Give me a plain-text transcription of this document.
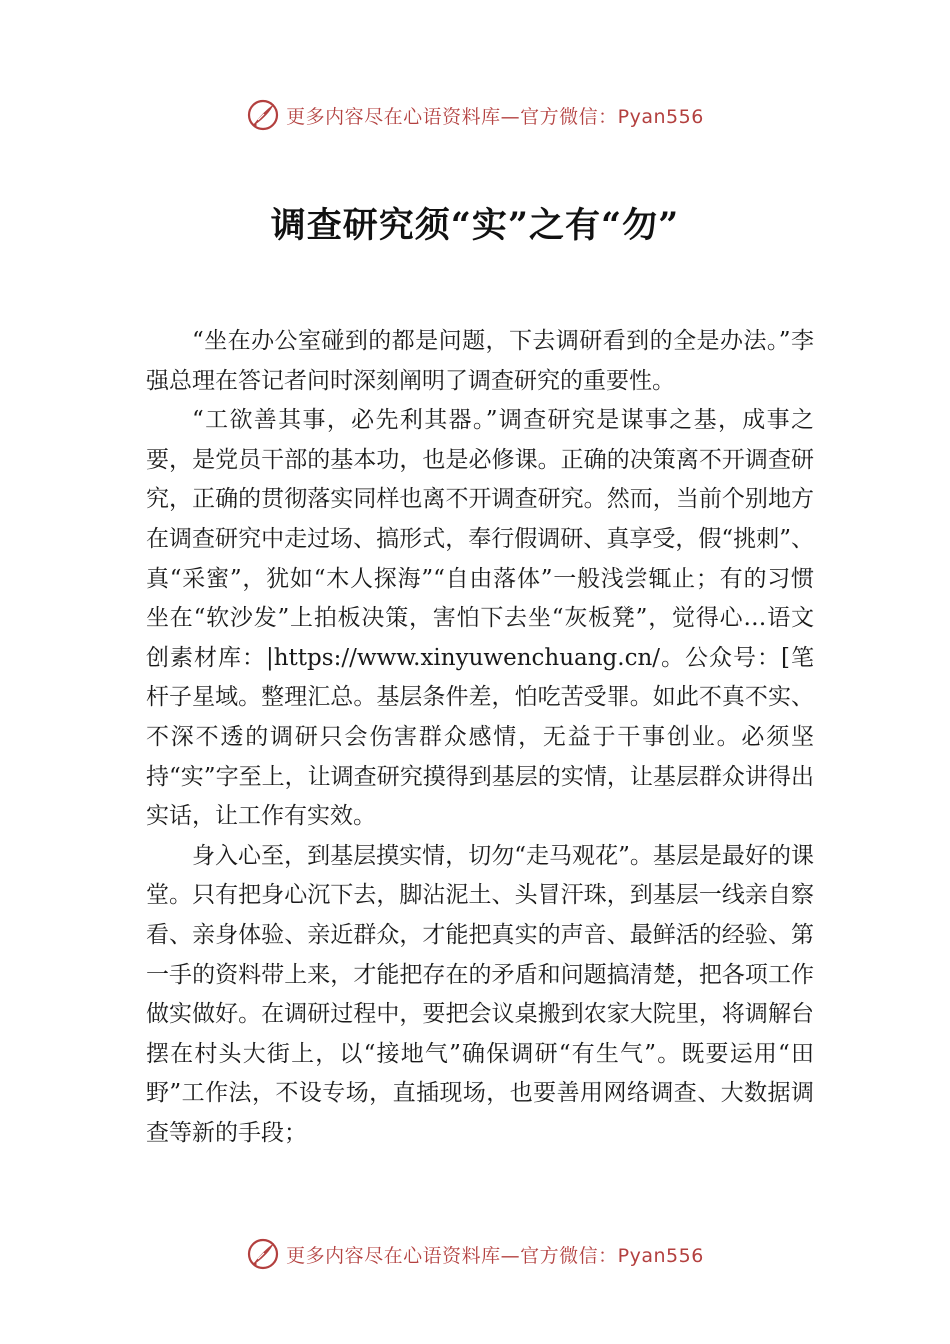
更多内容尽在心语资料库—官方微信：Pyan556
调查研究须“实”之有“勿”

“坐在办公室碰到的都是问题，下去调研看到的全是办法。”李强总理在答记者问时深刻阐明了调查研究的重要性。

“工欲善其事，必先利其器。”调查研究是谋事之基，成事之要，是党员干部的基本功，也是必修课。正确的决策离不开调查研究，正确的贯彻落实同样也离不开调查研究。然而，当前个别地方在调查研究中走过场、搞形式，奉行假调研、真享受，假“挑刺”、真“采蜜”，犹如“木人探海”“自由落体”一般浅尝辄止；有的习惯坐在“软沙发”上拍板决策，害怕下去坐“灰板凳”，觉得心…语文创素材库：|https://www.xinyuwenchuang.cn/。公众号：[笔杆子星域。整理汇总。基层条件差，怕吃苦受罪。如此不真不实、不深不透的调研只会伤害群众感情，无益于干事创业。必须坚持“实”字至上，让调查研究摸得到基层的实情，让基层群众讲得出实话，让工作有实效。

身入心至，到基层摸实情，切勿“走马观花”。基层是最好的课堂。只有把身心沉下去，脚沾泥土、头冒汗珠，到基层一线亲自察看、亲身体验、亲近群众，才能把真实的声音、最鲜活的经验、第一手的资料带上来，才能把存在的矛盾和问题搞清楚，把各项工作做实做好。在调研过程中，要把会议桌搬到农家大院里，将调解台摆在村头大街上，以“接地气”确保调研“有生气”。既要运用“田野”工作法，不设专场，直插现场，也要善用网络调查、大数据调查等新的手段；

更多内容尽在心语资料库—官方微信：Pyan556
